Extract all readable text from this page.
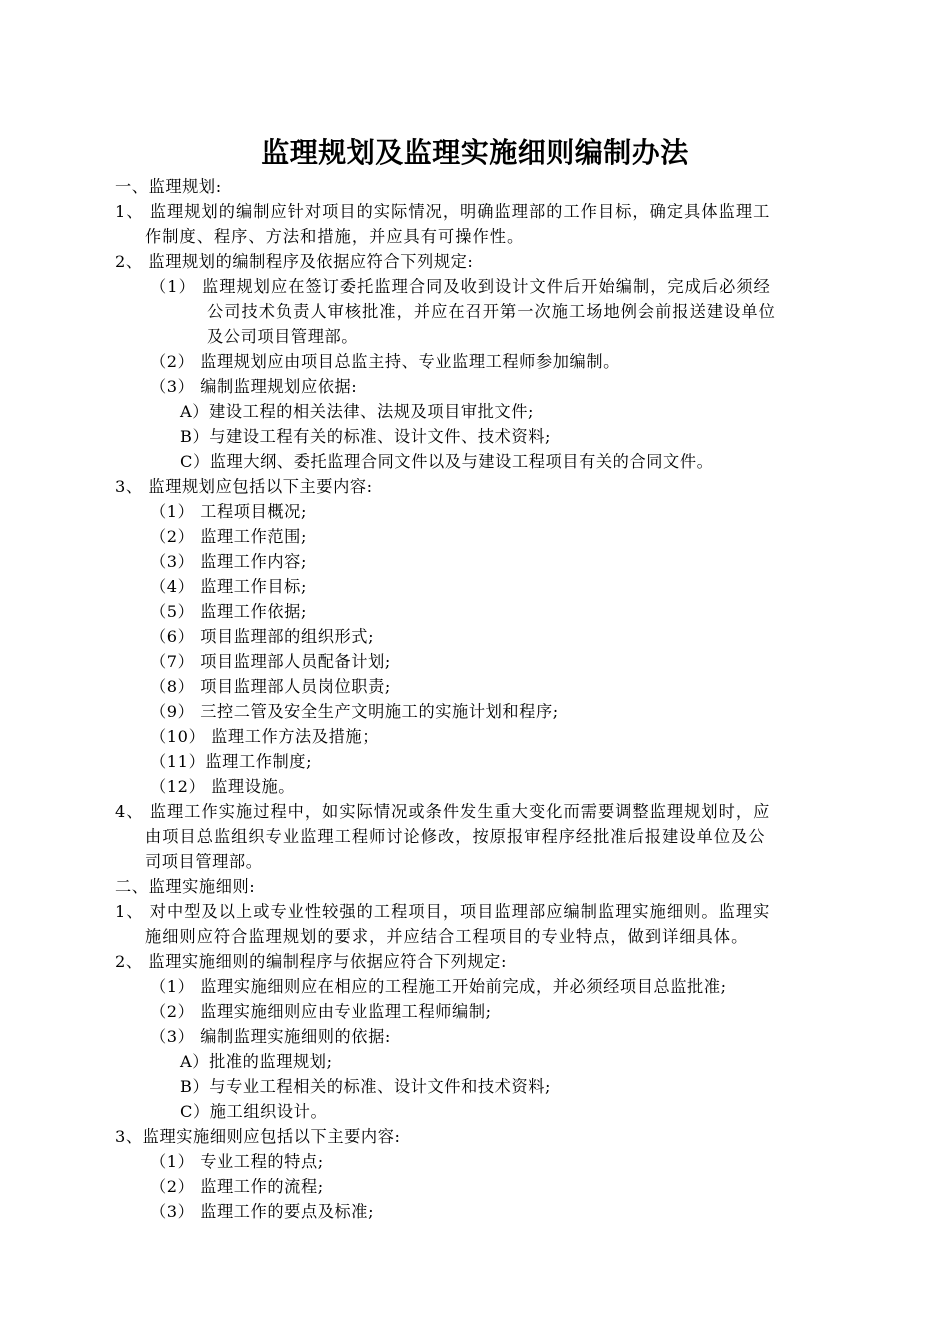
监理规划及监理实施细则编制办法
一、监理规划:
1、 监理规划的编制应针对项目的实际情况，明确监理部的工作目标，确定具体监理工
作制度、程序、方法和措施，并应具有可操作性。
2、 监理规划的编制程序及依据应符合下列规定:
（1） 监理规划应在签订委托监理合同及收到设计文件后开始编制，完成后必须经
公司技术负责人审核批准，并应在召开第一次施工场地例会前报送建设单位
及公司项目管理部。
（2） 监理规划应由项目总监主持、专业监理工程师参加编制。
（3） 编制监理规划应依据:
A）建设工程的相关法律、法规及项目审批文件;
B）与建设工程有关的标准、设计文件、技术资料;
C）监理大纲、委托监理合同文件以及与建设工程项目有关的合同文件。
3、 监理规划应包括以下主要内容:
（1） 工程项目概况;
（2） 监理工作范围;
（3） 监理工作内容;
（4） 监理工作目标;
（5） 监理工作依据;
（6） 项目监理部的组织形式;
（7） 项目监理部人员配备计划;
（8） 项目监理部人员岗位职责;
（9） 三控二管及安全生产文明施工的实施计划和程序;
（10） 监理工作方法及措施；
（11）监理工作制度;
（12） 监理设施。
4、 监理工作实施过程中，如实际情况或条件发生重大变化而需要调整监理规划时，应
由项目总监组织专业监理工程师讨论修改，按原报审程序经批准后报建设单位及公
司项目管理部。
二、监理实施细则:
1、 对中型及以上或专业性较强的工程项目，项目监理部应编制监理实施细则。监理实
施细则应符合监理规划的要求，并应结合工程项目的专业特点，做到详细具体。
2、 监理实施细则的编制程序与依据应符合下列规定:
（1） 监理实施细则应在相应的工程施工开始前完成，并必须经项目总监批准;
（2） 监理实施细则应由专业监理工程师编制;
（3） 编制监理实施细则的依据:
A）批准的监理规划;
B）与专业工程相关的标准、设计文件和技术资料;
C）施工组织设计。
3、监理实施细则应包括以下主要内容:
（1） 专业工程的特点;
（2） 监理工作的流程;
（3） 监理工作的要点及标准;
